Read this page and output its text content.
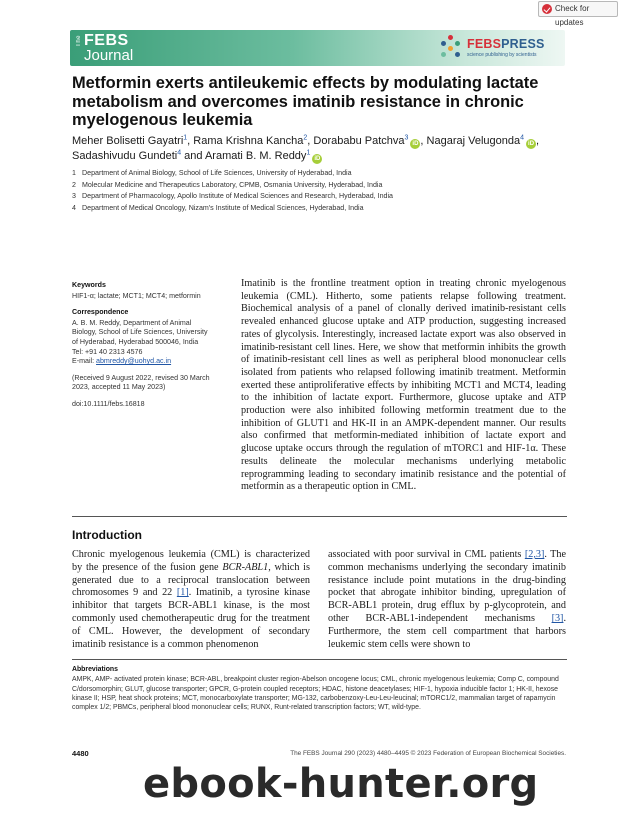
Check for updates
The FEBS
Journal
FEBSPRESS
science publishing by scientists
Metformin exerts antileukemic effects by modulating lactate metabolism and overcomes imatinib resistance in chronic myelogenous leukemia
Meher Bolisetti Gayatri$^1$, Rama Krishna Kancha$^2$, Dorababu Patchva$^3$iD , Nagaraj Velugonda$^4$iD , Sadashivudu Gundeti$^4$ and Aramati B. M. Reddy$^1$iD
1 Department of Animal Biology, School of Life Sciences, University of Hyderabad, India
2 Molecular Medicine and Therapeutics Laboratory, CPMB, Osmania University, Hyderabad, India
3 Department of Pharmacology, Apollo Institute of Medical Sciences and Research, Hyderabad, India
4 Department of Medical Oncology, Nizam's Institute of Medical Sciences, Hyderabad, India
Keywords
HIF1-α; lactate; MCT1; MCT4; metformin
Correspondence
A. B. M. Reddy, Department of Animal
Biology, School of Life Sciences, University
of Hyderabad, Hyderabad 500046, India
Tel: +91 40 2313 4576
E-mail: abmreddy@uohyd.ac.in
(Received 9 August 2022, revised 30 March
2023, accepted 11 May 2023)
doi:10.1111/febs.16818

Imatinib is the frontline treatment option in treating chronic myelogenous leukemia (CML). Hitherto, some patients relapse following treatment. Biochemical analysis of a panel of clonally derived imatinib-resistant cells revealed enhanced glucose uptake and ATP production, suggesting increased rates of glycolysis. Interestingly, increased lactate export was also observed in imatinib-resistant cell lines. Here, we show that metformin inhibits the growth of imatinib-resistant cell lines as well as peripheral blood mononuclear cells isolated from patients who relapsed following imatinib treatment. Metformin exerted these antiproliferative effects by inhibiting MCT1 and MCT4, leading to the inhibition of lactate export. Furthermore, glucose uptake and ATP production were also inhibited following metformin treatment due to the inhibition of GLUT1 and HK-II in an AMPK-dependent manner. Our results also confirmed that metformin-mediated inhibition of lactate export and glucose uptake occurs through the regulation of mTORC1 and HIF-1α. These results delineate the molecular mechanisms underlying metabolic reprogramming leading to secondary imatinib resistance and the potential of metformin as a therapeutic option in CML.

Introduction

Chronic myelogenous leukemia (CML) is characterized by the presence of the fusion gene BCR-ABL1, which is generated due to a reciprocal translocation between chromosomes 9 and 22 [1]. Imatinib, a tyrosine kinase inhibitor that targets BCR-ABL1 kinase, is the most commonly used chemotherapeutic drug for the treatment of CML. However, the development of secondary imatinib resistance is a common phenomenon

associated with poor survival in CML patients [2,3]. The common mechanisms underlying the secondary imatinib resistance include point mutations in the drug-binding pocket that abrogate inhibitor binding, upregulation of BCR-ABL1 protein, drug efflux by p-glycoprotein, and other BCR-ABL1-independent mechanisms [3]. Furthermore, the stem cell compartment that harbors leukemic stem cells were shown to

Abbreviations
AMPK, AMP- activated protein kinase; BCR-ABL, breakpoint cluster region-Abelson oncogene locus; CML, chronic myelogenous leukemia; Comp C, compound C/dorsomorphin; GLUT, glucose transporter; GPCR, G-protein coupled receptors; HDAC, histone deacetylases; HIF-1, hypoxia inducible factor 1; HK-II, hexose kinase II; HSP, heat shock proteins; MCT, monocarboxylate transporter; MG-132, carbobenzoxy-Leu-Leu-leucinal; mTORC1/2, mammalian target of rapamycin complex 1/2; PBMCs, peripheral blood mononuclear cells; RUNX, Runt-related transcription factors; WT, wild-type.
4480	The FEBS Journal 290 (2023) 4480–4495 © 2023 Federation of European Biochemical Societies.
ebook-hunter.org
